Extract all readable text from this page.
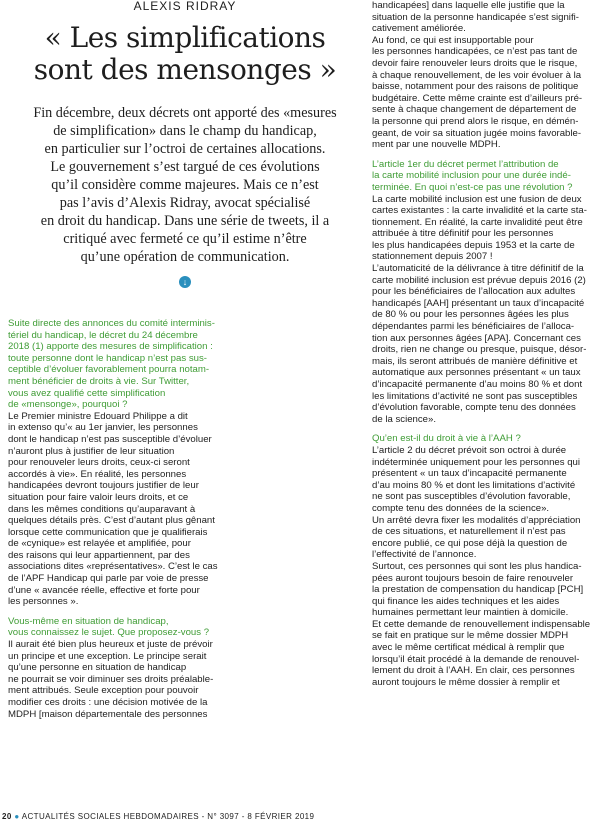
ALEXIS RIDRAY
« Les simplifications
sont des mensonges »
Fin décembre, deux décrets ont apporté des «mesures
de simplification» dans le champ du handicap,
en particulier sur l’octroi de certaines allocations.
Le gouvernement s’est targué de ces évolutions
qu’il considère comme majeures. Mais ce n’est
pas l’avis d’Alexis Ridray, avocat spécialisé
en droit du handicap. Dans une série de tweets, il a
critiqué avec fermeté ce qu’il estime n’être
qu’une opération de communication.
↓
Suite directe des annonces du comité interminis-
tériel du handicap, le décret du 24 décembre
2018 (1) apporte des mesures de simplification :
toute personne dont le handicap n’est pas sus-
ceptible d’évoluer favorablement pourra notam-
ment bénéficier de droits à vie. Sur Twitter,
vous avez qualifié cette simplification
de «mensonge», pourquoi ?
Le Premier ministre Edouard Philippe a dit
in extenso qu’« au 1er janvier, les personnes
dont le handicap n’est pas susceptible d’évoluer
n’auront plus à justifier de leur situation
pour renouveler leurs droits, ceux-ci seront
accordés à vie». En réalité, les personnes
handicapées devront toujours justifier de leur
situation pour faire valoir leurs droits, et ce
dans les mêmes conditions qu’auparavant à
quelques détails près. C’est d’autant plus gênant
lorsque cette communication que je qualifierais
de «cynique» est relayée et amplifiée, pour
des raisons qui leur appartiennent, par des
associations dites «représentatives». C’est le cas
de l’APF Handicap qui parle par voie de presse
d’une « avancée réelle, effective et forte pour
les personnes ».
Vous-même en situation de handicap,
vous connaissez le sujet. Que proposez-vous ?
Il aurait été bien plus heureux et juste de prévoir
un principe et une exception. Le principe serait
qu’une personne en situation de handicap
ne pourrait se voir diminuer ses droits préalable-
ment attribués. Seule exception pour pouvoir
modifier ces droits : une décision motivée de la
MDPH [maison départementale des personnes
handicapées] dans laquelle elle justifie que la
situation de la personne handicapée s’est signifi-
cativement améliorée.
Au fond, ce qui est insupportable pour
les personnes handicapées, ce n’est pas tant de
devoir faire renouveler leurs droits que le risque,
à chaque renouvellement, de les voir évoluer à la
baisse, notamment pour des raisons de politique
budgétaire. Cette même crainte est d’ailleurs pré-
sente à chaque changement de département de
la personne qui prend alors le risque, en démén-
geant, de voir sa situation jugée moins favorable-
ment par une nouvelle MDPH.
L’article 1er du décret permet l’attribution de
la carte mobilité inclusion pour une durée indé-
terminée. En quoi n’est-ce pas une révolution ?
La carte mobilité inclusion est une fusion de deux
cartes existantes : la carte invalidité et la carte sta-
tionnement. En réalité, la carte invalidité peut être
attribuée à titre définitif pour les personnes
les plus handicapées depuis 1953 et la carte de
stationnement depuis 2007 !
L’automaticité de la délivrance à titre définitif de la
carte mobilité inclusion est prévue depuis 2016 (2)
pour les bénéficiaires de l’allocation aux adultes
handicapés [AAH] présentant un taux d’incapacité
de 80 % ou pour les personnes âgées les plus
dépendantes parmi les bénéficiaires de l’alloca-
tion aux personnes âgées [APA]. Concernant ces
droits, rien ne change ou presque, puisque, désor-
mais, ils seront attribués de manière définitive et
automatique aux personnes présentant « un taux
d’incapacité permanente d’au moins 80 % et dont
les limitations d’activité ne sont pas susceptibles
d’évolution favorable, compte tenu des données
de la science».
Qu’en est-il du droit à vie à l’AAH ?
L’article 2 du décret prévoit son octroi à durée
indéterminée uniquement pour les personnes qui
présentent « un taux d’incapacité permanente
d’au moins 80 % et dont les limitations d’activité
ne sont pas susceptibles d’évolution favorable,
compte tenu des données de la science».
Un arrêté devra fixer les modalités d’appréciation
de ces situations, et naturellement il n’est pas
encore publié, ce qui pose déjà la question de
l’effectivité de l’annonce.
Surtout, ces personnes qui sont les plus handica-
pées auront toujours besoin de faire renouveler
la prestation de compensation du handicap [PCH]
qui finance les aides techniques et les aides
humaines permettant leur maintien à domicile.
Et cette demande de renouvellement indispensable
se fait en pratique sur le même dossier MDPH
avec le même certificat médical à remplir que
lorsqu’il était procédé à la demande de renouvel-
lement du droit à l’AAH. En clair, ces personnes
auront toujours le même dossier à remplir et
20 ● ACTUALITÉS SOCIALES HEBDOMADAIRES - N° 3097 - 8 FÉVRIER 2019
